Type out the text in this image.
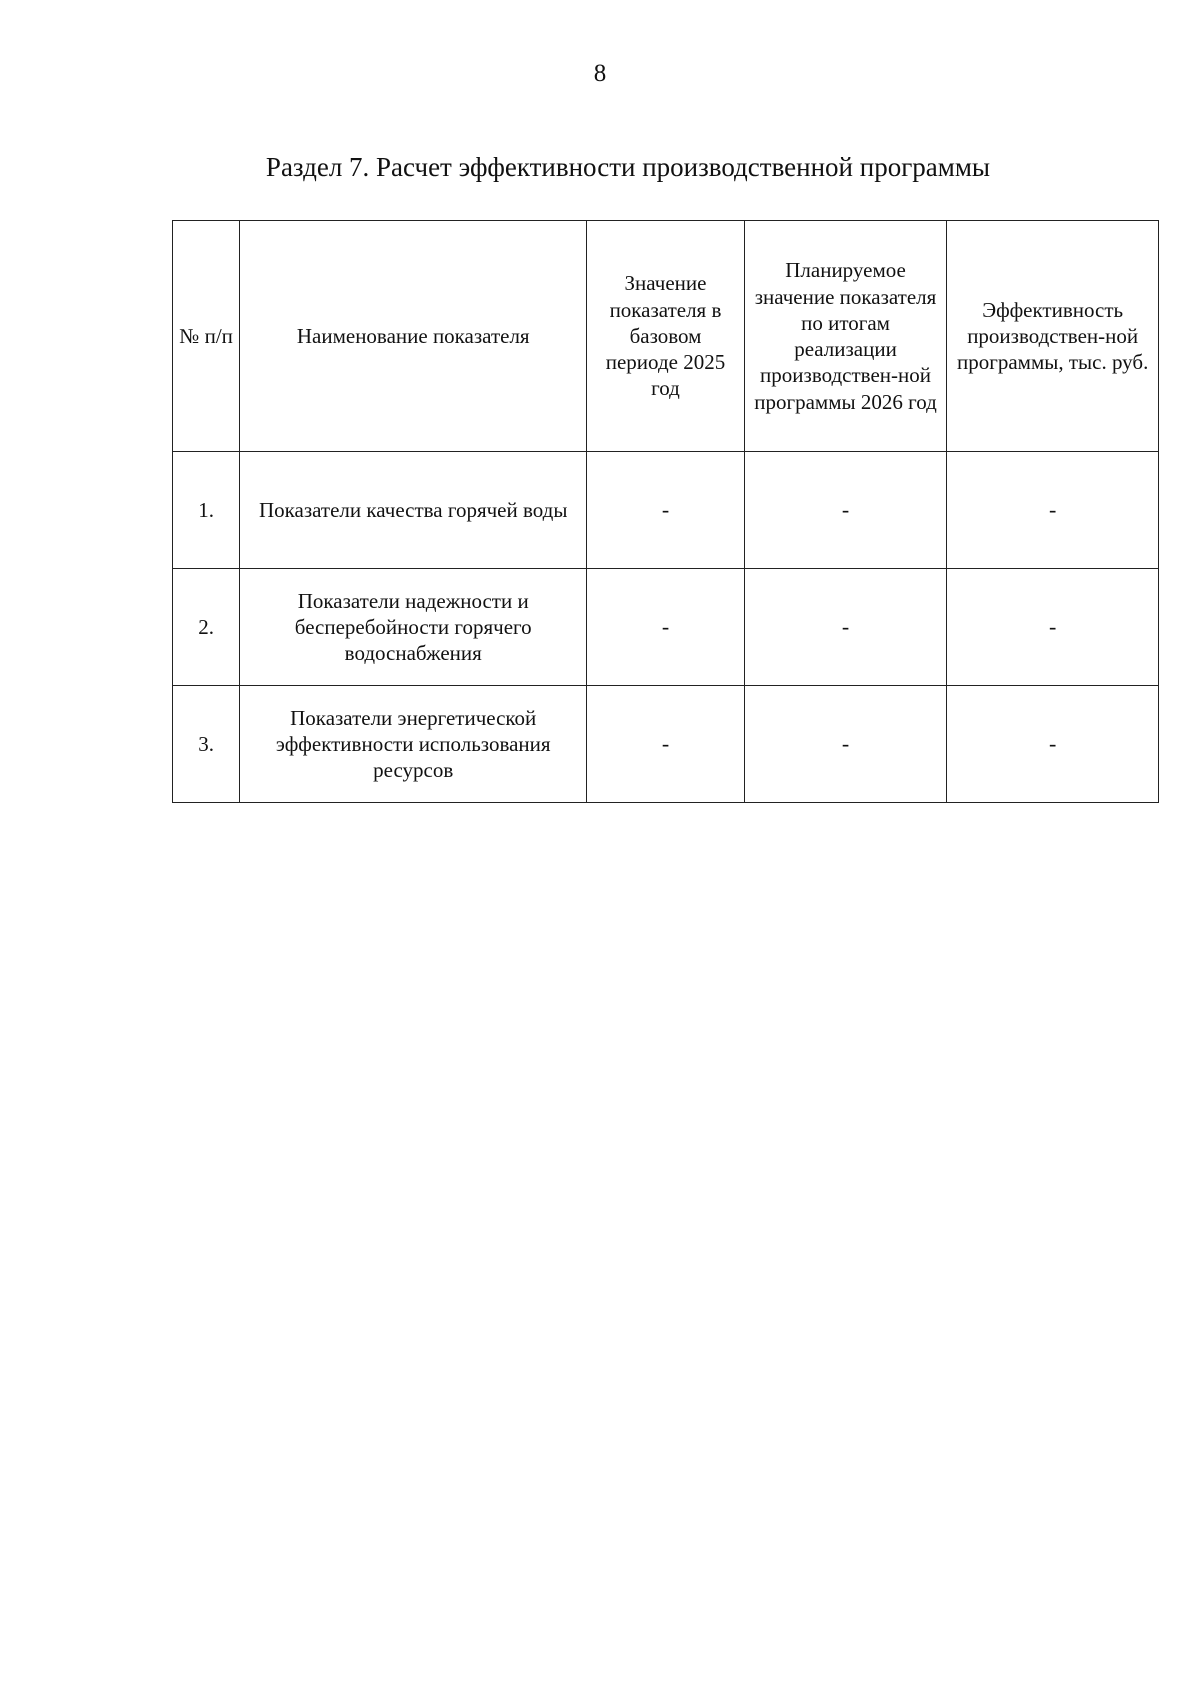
8
Раздел 7. Расчет эффективности производственной программы
№ п/п	Наименование показателя	Значение показателя в базовом периоде 2025 год	Планируемое значение показателя по итогам реализации производствен-ной программы 2026 год	Эффективность производствен-ной программы, тыс. руб.
1.	Показатели качества горячей воды	-	-	-
2.	Показатели надежности и бесперебойности горячего водоснабжения	-	-	-
3.	Показатели энергетической эффективности использования ресурсов	-	-	-
